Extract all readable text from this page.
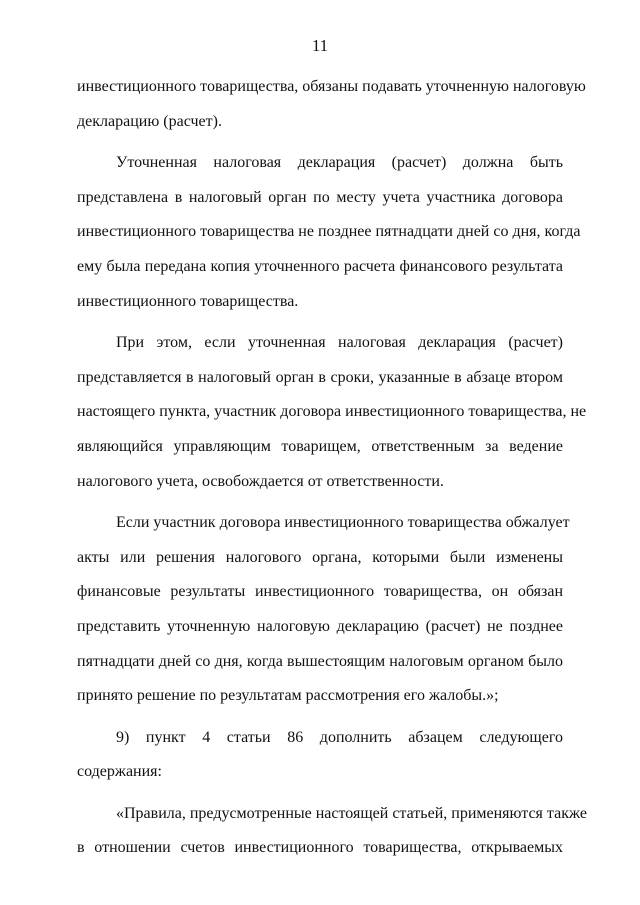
11
инвестиционного товарищества, обязаны подавать уточненную налоговую
декларацию (расчет).
Уточненная налоговая декларация (расчет) должна быть
представлена в налоговый орган по месту учета участника договора
инвестиционного товарищества не позднее пятнадцати дней со дня, когда
ему была передана копия уточненного расчета финансового результата
инвестиционного товарищества.
При этом, если уточненная налоговая декларация (расчет)
представляется в налоговый орган в сроки, указанные в абзаце втором
настоящего пункта, участник договора инвестиционного товарищества, не
являющийся управляющим товарищем, ответственным за ведение
налогового учета, освобождается от ответственности.
Если участник договора инвестиционного товарищества обжалует
акты или решения налогового органа, которыми были изменены
финансовые результаты инвестиционного товарищества, он обязан
представить уточненную налоговую декларацию (расчет) не позднее
пятнадцати дней со дня, когда вышестоящим налоговым органом было
принято решение по результатам рассмотрения его жалобы.»;
9) пункт 4 статьи 86 дополнить абзацем следующего
содержания:
«Правила, предусмотренные настоящей статьей, применяются также
в отношении счетов инвестиционного товарищества, открываемых
